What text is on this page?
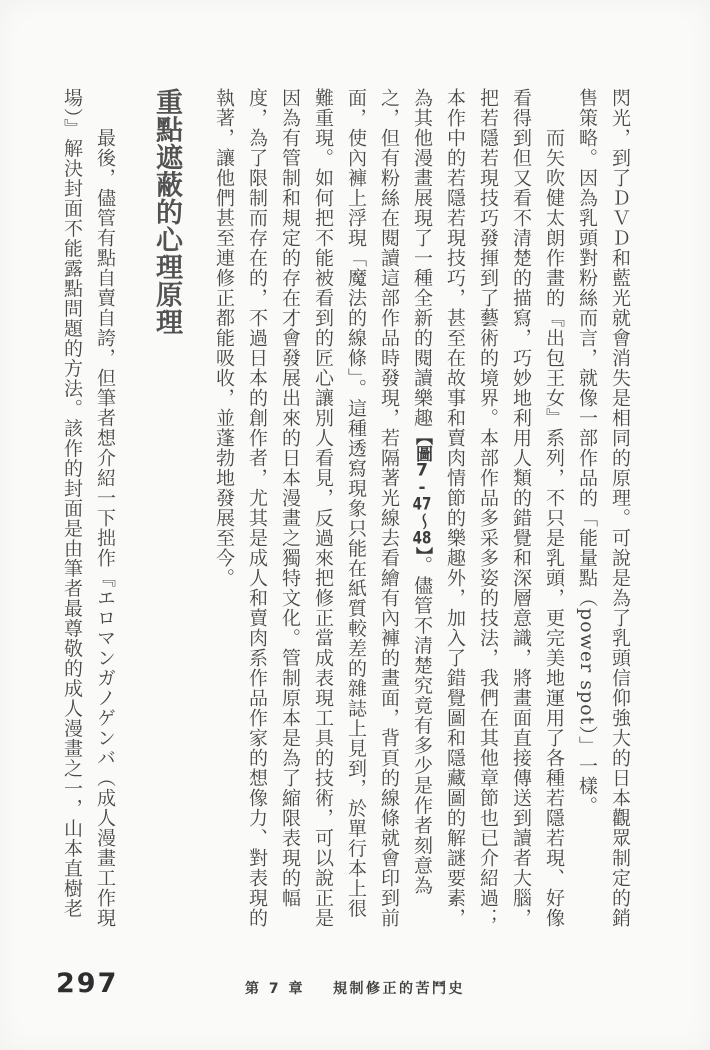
閃光，到了ＤＶＤ和藍光就會消失是相同的原理。可說是為了乳頭信仰強大的日本觀眾制定的銷售策略。因為乳頭對粉絲而言，就像一部作品的「能量點（power spot）」一樣。

而矢吹健太朗作畫的『出包王女』系列，不只是乳頭，更完美地運用了各種若隱若現、好像看得到但又看不清楚的描寫，巧妙地利用人類的錯覺和深層意識，將畫面直接傳送到讀者大腦，把若隱若現技巧發揮到了藝術的境界。本部作品多采多姿的技法，我們在其他章節也已介紹過；本作中的若隱若現技巧，甚至在故事和賣肉情節的樂趣外，加入了錯覺圖和隱藏圖的解謎要素，為其他漫畫展現了一種全新的閱讀樂趣【圖7-47～48】。儘管不清楚究竟有多少是作者刻意為之，但有粉絲在閱讀這部作品時發現，若隔著光線去看繪有內褲的畫面，背頁的線條就會印到前面，使內褲上浮現「魔法的線條」。這種透寫現象只能在紙質較差的雜誌上見到，於單行本上很難重現。如何把不能被看到的匠心讓別人看見，反過來把修正當成表現工具的技術，可以說正是因為有管制和規定的存在才會發展出來的日本漫畫之獨特文化。管制原本是為了縮限表現的幅度，為了限制而存在的，不過日本的創作者，尤其是成人和賣肉系作品作家的想像力、對表現的執著，讓他們甚至連修正都能吸收，並蓬勃地發展至今。

重點遮蔽的心理原理

最後，儘管有點自賣自誇，但筆者想介紹一下拙作『エロマンガノゲンバ（成人漫畫工作現場）』解決封面不能露點問題的方法。該作的封面是由筆者最尊敬的成人漫畫之一，山本直樹老

第 7 章 規制修正的苦鬥史
297
